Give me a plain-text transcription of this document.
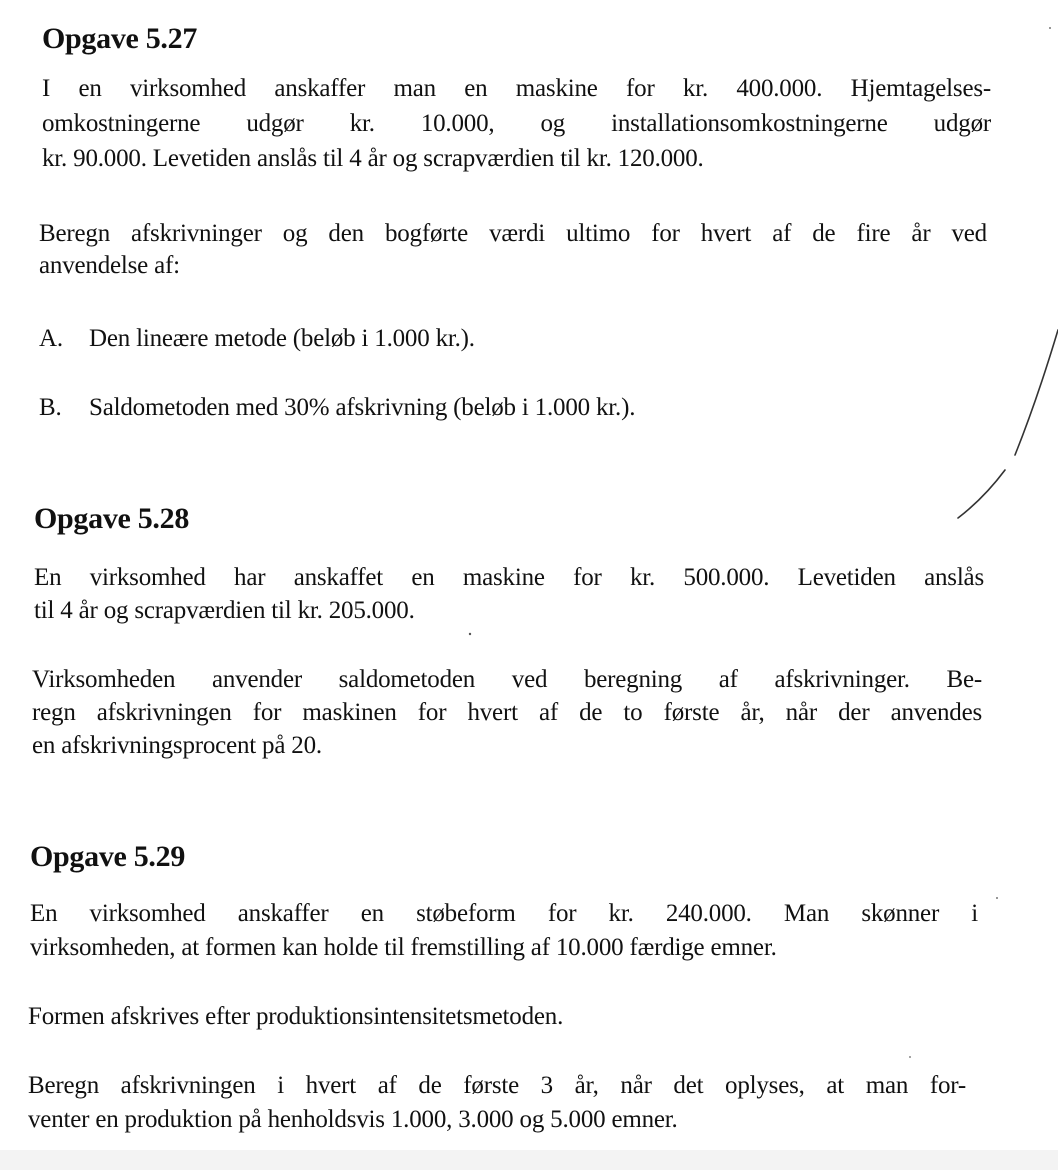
Opgave 5.27

I en virksomhed anskaffer man en maskine for kr. 400.000. Hjemtagelses-

omkostningerne udgør kr. 10.000, og installationsomkostningerne udgør

kr. 90.000. Levetiden anslås til 4 år og scrapværdien til kr. 120.000.

Beregn afskrivninger og den bogførte værdi ultimo for hvert af de fire år ved

anvendelse af:

A. Den lineære metode (beløb i 1.000 kr.).

B. Saldometoden med 30% afskrivning (beløb i 1.000 kr.).

Opgave 5.28

En virksomhed har anskaffet en maskine for kr. 500.000. Levetiden anslås

til 4 år og scrapværdien til kr. 205.000.

Virksomheden anvender saldometoden ved beregning af afskrivninger. Be-

regn afskrivningen for maskinen for hvert af de to første år, når der anvendes

en afskrivningsprocent på 20.

Opgave 5.29

En virksomhed anskaffer en støbeform for kr. 240.000. Man skønner i

virksomheden, at formen kan holde til fremstilling af 10.000 færdige emner.

Formen afskrives efter produktionsintensitetsmetoden.

Beregn afskrivningen i hvert af de første 3 år, når det oplyses, at man for-

venter en produktion på henholdsvis 1.000, 3.000 og 5.000 emner.
